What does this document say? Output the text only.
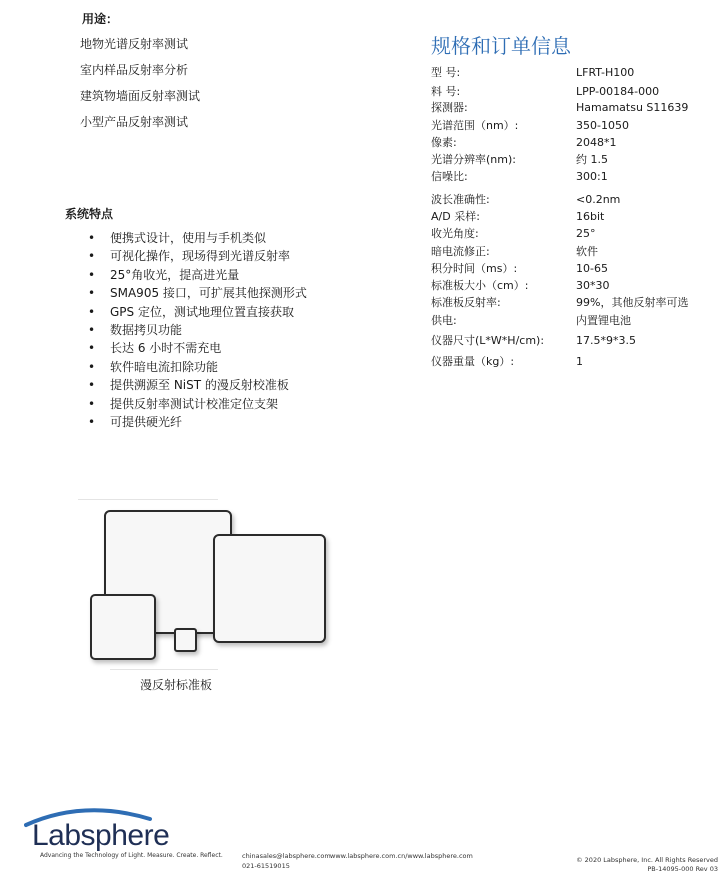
用途：
地物光谱反射率测试
室内样品反射率分析
建筑物墙面反射率测试
小型产品反射率测试
系统特点
• 便携式设计，使用与手机类似
• 可视化操作，现场得到光谱反射率
• 25°角收光，提高进光量
• SMA905 接口，可扩展其他探测形式
• GPS 定位，测试地理位置直接获取
• 数据拷贝功能
• 长达 6 小时不需充电
• 软件暗电流扣除功能
• 提供溯源至 NiST 的漫反射校准板
• 提供反射率测试计校准定位支架
• 可提供硬光纤
规格和订单信息
型 号:	LFRT-H100
料 号:	LPP-00184-000
探测器:	Hamamatsu S11639
光谱范围（nm）:	350-1050
像素:	2048*1
光谱分辨率(nm):	约 1.5
信噪比:	300:1
波长准确性:	<0.2nm
A/D 采样:	16bit
收光角度:	25°
暗电流修正:	软件
积分时间（ms）:	10-65
标准板大小（cm）:	30*30
标准板反射率:	99%，其他反射率可选
供电:	内置锂电池
仪器尺寸(L*W*H/cm):	17.5*9*3.5
仪器重量（kg）:	1
漫反射标准板
Labsphere
Advancing the Technology of Light. Measure. Create. Reflect.	chinasales@labsphere.com
021-61519015
www.labsphere.com.cn/www.labsphere.com	© 2020 Labsphere, Inc. All Rights Reserved
PB-14095-000 Rev 03
